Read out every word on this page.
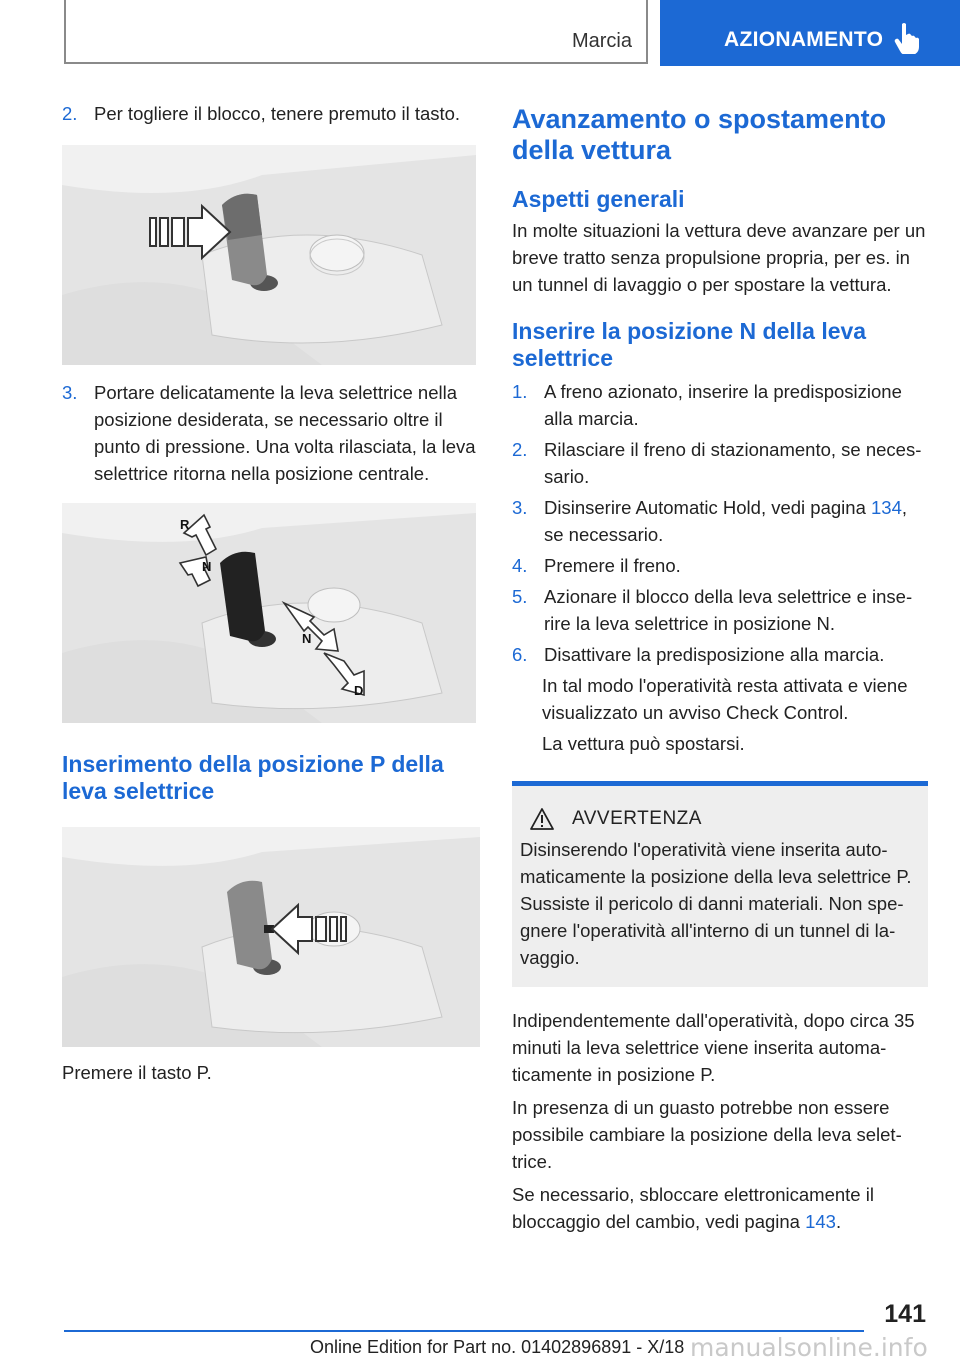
Marcia	AZIONAMENTO
2. Per togliere il blocco, tenere premuto il tasto.
3. Portare delicatamente la leva selettrice nella posizione desiderata, se necessario oltre il punto di pressione. Una volta rilasciata, la leva selettrice ritorna nella posizione centrale.
R
N
N
D
Inserimento della posizione P della leva selettrice
Premere il tasto P.
Avanzamento o spostamento della vettura
Aspetti generali
In molte situazioni la vettura deve avanzare per un breve tratto senza propulsione propria, per es. in un tunnel di lavaggio o per spostare la vettura.
Inserire la posizione N della leva selettrice
1. A freno azionato, inserire la predisposizione alla marcia.
2. Rilasciare il freno di stazionamento, se necessario.
3. Disinserire Automatic Hold, vedi pagina 134, se necessario.
4. Premere il freno.
5. Azionare il blocco della leva selettrice e inserire la leva selettrice in posizione N.
6. Disattivare la predisposizione alla marcia.
In tal modo l'operatività resta attivata e viene visualizzato un avviso Check Control.
La vettura può spostarsi.
AVVERTENZA
Disinserendo l'operatività viene inserita automaticamente la posizione della leva selettrice P. Sussiste il pericolo di danni materiali. Non spegnere l'operatività all'interno di un tunnel di lavaggio.
Indipendentemente dall'operatività, dopo circa 35 minuti la leva selettrice viene inserita automaticamente in posizione P.
In presenza di un guasto potrebbe non essere possibile cambiare la posizione della leva selettrice.
Se necessario, sbloccare elettronicamente il bloccaggio del cambio, vedi pagina 143.
141
Online Edition for Part no. 01402896891 - X/18 manualsonline.info
